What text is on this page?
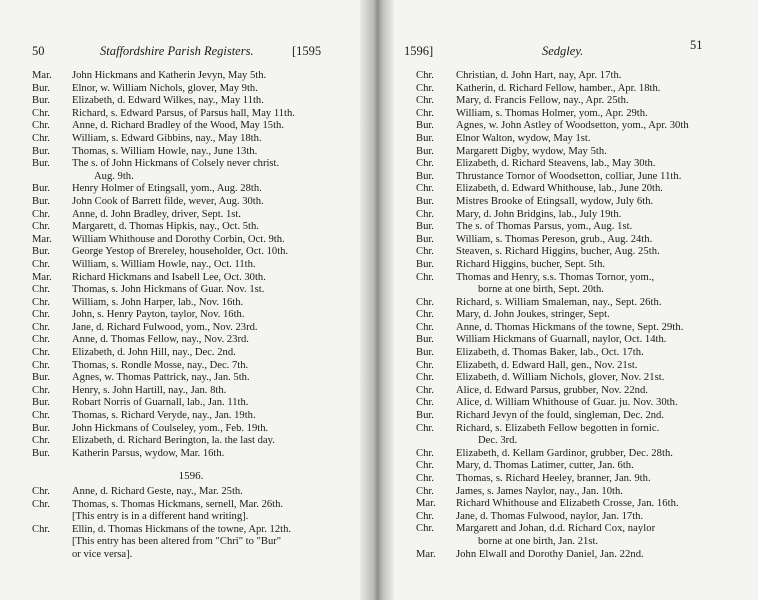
50	Staffordshire Parish Registers.	[1595
Mar.	John Hickmans and Katherin Jevyn, May 5th.
Bur.	Elnor, w. William Nichols, glover, May 9th.
Bur.	Elizabeth, d. Edward Wilkes, nay., May 11th.
Chr.	Richard, s. Edward Parsus, of Parsus hall, May 11th.
Chr.	Anne, d. Richard Bradley of the Wood, May 15th.
Chr.	William, s. Edward Gibbins, nay., May 18th.
Bur.	Thomas, s. William Howle, nay., June 13th.
Bur.	The s. of John Hickmans of Colsely never christ.
Aug. 9th.
Bur.	Henry Holmer of Etingsall, yom., Aug. 28th.
Bur.	John Cook of Barrett filde, wever, Aug. 30th.
Chr.	Anne, d. John Bradley, driver, Sept. 1st.
Chr.	Margarett, d. Thomas Hipkis, nay., Oct. 5th.
Mar.	William Whithouse and Dorothy Corbin, Oct. 9th.
Bur.	George Yestop of Brereley, householder, Oct. 10th.
Chr.	William, s. William Howle, nay., Oct. 11th.
Mar.	Richard Hickmans and Isabell Lee, Oct. 30th.
Chr.	Thomas, s. John Hickmans of Guar. Nov. 1st.
Chr.	William, s. John Harper, lab., Nov. 16th.
Chr.	John, s. Henry Payton, taylor, Nov. 16th.
Chr.	Jane, d. Richard Fulwood, yom., Nov. 23rd.
Chr.	Anne, d. Thomas Fellow, nay., Nov. 23rd.
Chr.	Elizabeth, d. John Hill, nay., Dec. 2nd.
Chr.	Thomas, s. Rondle Mosse, nay., Dec. 7th.
Bur.	Agnes, w. Thomas Pattrick, nay., Jan. 5th.
Chr.	Henry, s. John Hartill, nay., Jan. 8th.
Bur.	Robart Norris of Guarnall, lab., Jan. 11th.
Chr.	Thomas, s. Richard Veryde, nay., Jan. 19th.
Bur.	John Hickmans of Coulseley, yom., Feb. 19th.
Chr.	Elizabeth, d. Richard Berington, la. the last day.
Bur.	Katherin Parsus, wydow, Mar. 16th.
1596.
Chr.	Anne, d. Richard Geste, nay., Mar. 25th.
Chr.	Thomas, s. Thomas Hickmans, sernell, Mar. 26th.
[This entry is in a different hand writing].
Chr.	Ellin, d. Thomas Hickmans of the towne, Apr. 12th.
[This entry has been altered from "Chri" to "Bur"
or vice versa].
1596]	Sedgley.	51
Chr.	Christian, d. John Hart, nay, Apr. 17th.
Chr.	Katherin, d. Richard Fellow, hamber., Apr. 18th.
Chr.	Mary, d. Francis Fellow, nay., Apr. 25th.
Chr.	William, s. Thomas Holmer, yom., Apr. 29th.
Bur.	Agnes, w. John Astley of Woodsetton, yom., Apr. 30th
Bur.	Elnor Walton, wydow, May 1st.
Bur.	Margarett Digby, wydow, May 5th.
Chr.	Elizabeth, d. Richard Steavens, lab., May 30th.
Bur.	Thrustance Tornor of Woodsetton, colliar, June 11th.
Chr.	Elizabeth, d. Edward Whithouse, lab., June 20th.
Bur.	Mistres Brooke of Etingsall, wydow, July 6th.
Chr.	Mary, d. John Bridgins, lab., July 19th.
Bur.	The s. of Thomas Parsus, yom., Aug. 1st.
Bur.	William, s. Thomas Pereson, grub., Aug. 24th.
Chr.	Steaven, s. Richard Higgins, bucher, Aug. 25th.
Bur.	Richard Higgins, bucher, Sept. 5th.
Chr.	Thomas and Henry, s.s. Thomas Tornor, yom.,
borne at one birth, Sept. 20th.
Chr.	Richard, s. William Smaleman, nay., Sept. 26th.
Chr.	Mary, d. John Joukes, stringer, Sept.
Chr.	Anne, d. Thomas Hickmans of the towne, Sept. 29th.
Bur.	William Hickmans of Guarnall, naylor, Oct. 14th.
Bur.	Elizabeth, d. Thomas Baker, lab., Oct. 17th.
Chr.	Elizabeth, d. Edward Hall, gen., Nov. 21st.
Chr.	Elizabeth, d. William Nichols, glover, Nov. 21st.
Chr.	Alice, d. Edward Parsus, grubber, Nov. 22nd.
Chr.	Alice, d. William Whithouse of Guar. ju. Nov. 30th.
Bur.	Richard Jevyn of the fould, singleman, Dec. 2nd.
Chr.	Richard, s. Elizabeth Fellow begotten in fornic.
Dec. 3rd.
Chr.	Elizabeth, d. Kellam Gardinor, grubber, Dec. 28th.
Chr.	Mary, d. Thomas Latimer, cutter, Jan. 6th.
Chr.	Thomas, s. Richard Heeley, branner, Jan. 9th.
Chr.	James, s. James Naylor, nay., Jan. 10th.
Mar.	Richard Whithouse and Elizabeth Crosse, Jan. 16th.
Chr.	Jane, d. Thomas Fulwood, naylor, Jan. 17th.
Chr.	Margarett and Johan, d.d. Richard Cox, naylor
borne at one birth, Jan. 21st.
Mar.	John Elwall and Dorothy Daniel, Jan. 22nd.
